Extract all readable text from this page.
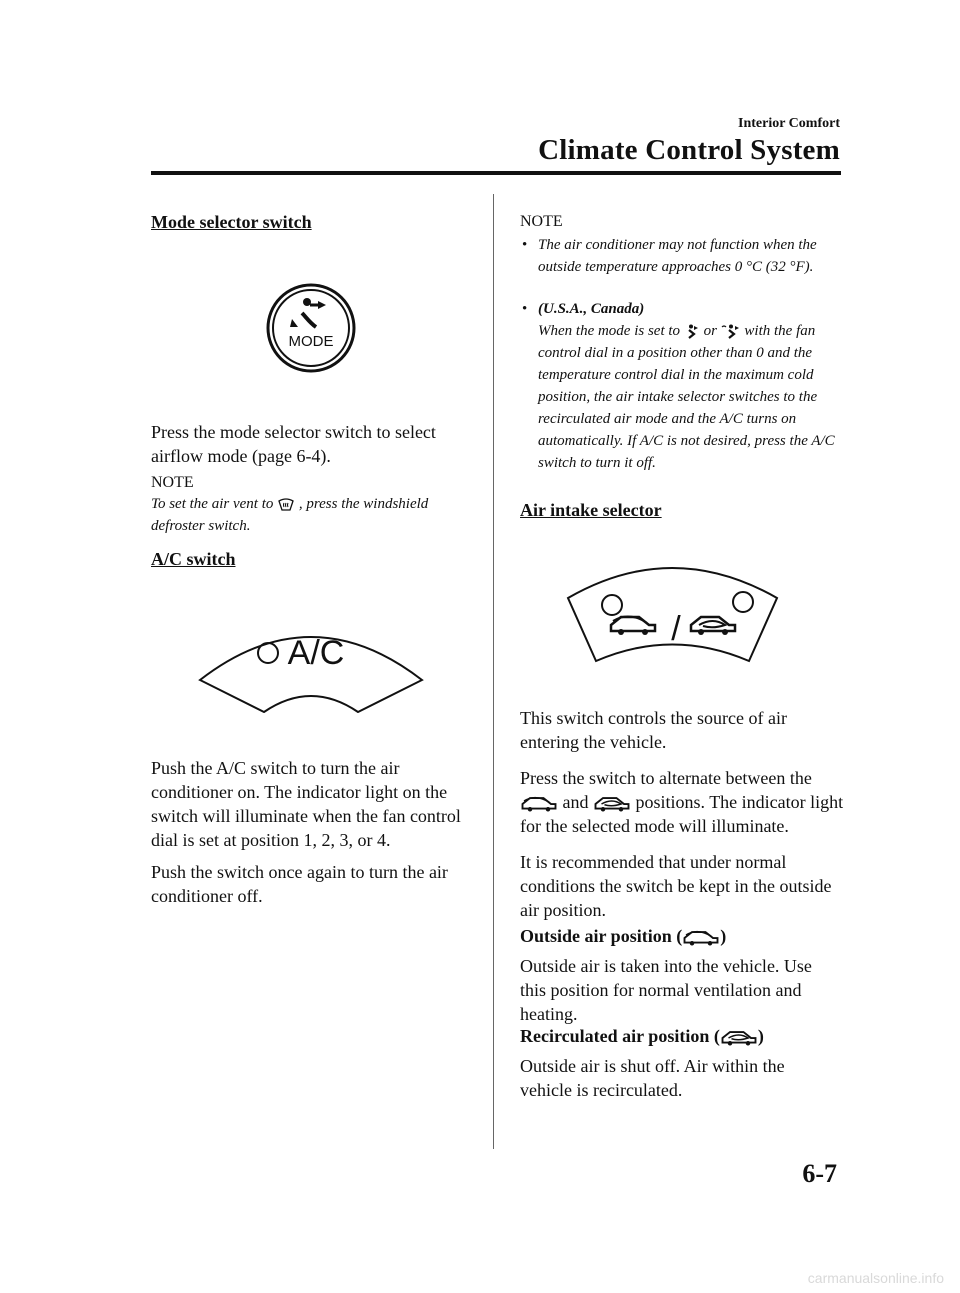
Interior Comfort
Climate Control System
Mode selector switch
MODE
Press the mode selector switch to select airflow mode (page 6-4).
NOTE
To set the air vent to , press the windshield defroster switch.
A/C switch
A/C
Push the A/C switch to turn the air conditioner on. The indicator light on the switch will illuminate when the fan control dial is set at position 1, 2, 3, or 4.
Push the switch once again to turn the air conditioner off.
NOTE
• The air conditioner may not function when the outside temperature approaches 0 °C (32 °F).
• (U.S.A., Canada)
When the mode is set to or with the fan control dial in a position other than 0 and the temperature control dial in the maximum cold position, the air intake selector switches to the recirculated air mode and the A/C turns on automatically. If A/C is not desired, press the A/C switch to turn it off.
Air intake selector
/
This switch controls the source of air entering the vehicle.
Press the switch to alternate between the  and	positions. The indicator light for the selected mode will illuminate.
It is recommended that under normal conditions the switch be kept in the outside air position.
Outside air position ( )
Outside air is taken into the vehicle. Use this position for normal ventilation and heating.
Recirculated air position ( )
Outside air is shut off. Air within the vehicle is recirculated.
6-7
carmanualsonline.info
